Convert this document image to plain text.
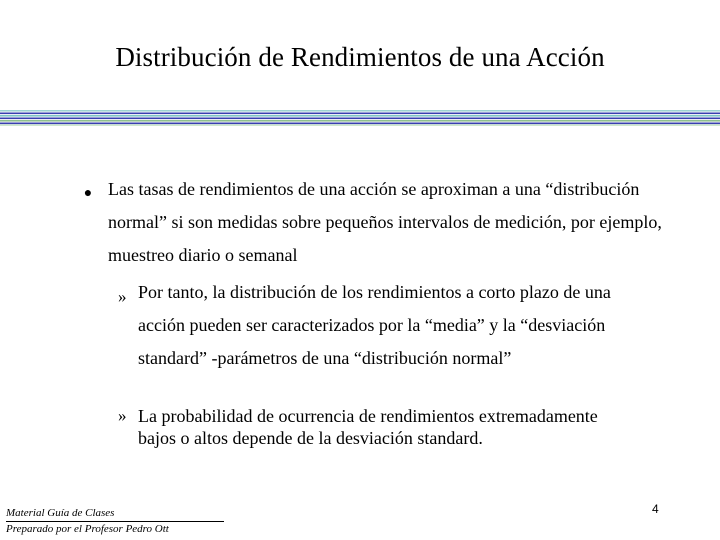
Distribución de Rendimientos de una Acción
● Las tasas de rendimientos de una acción se aproximan a una “distribución normal” si son medidas sobre pequeños intervalos de medición, por ejemplo, muestreo diario o semanal
» Por tanto, la distribución de los rendimientos a corto plazo de una acción pueden ser caracterizados por la “media” y la “desviación standard” -parámetros de una “distribución normal”
» La probabilidad de ocurrencia de rendimientos extremadamente bajos o altos depende de la desviación standard.
Material Guía de Clases
Preparado por el Profesor Pedro Ott
4
